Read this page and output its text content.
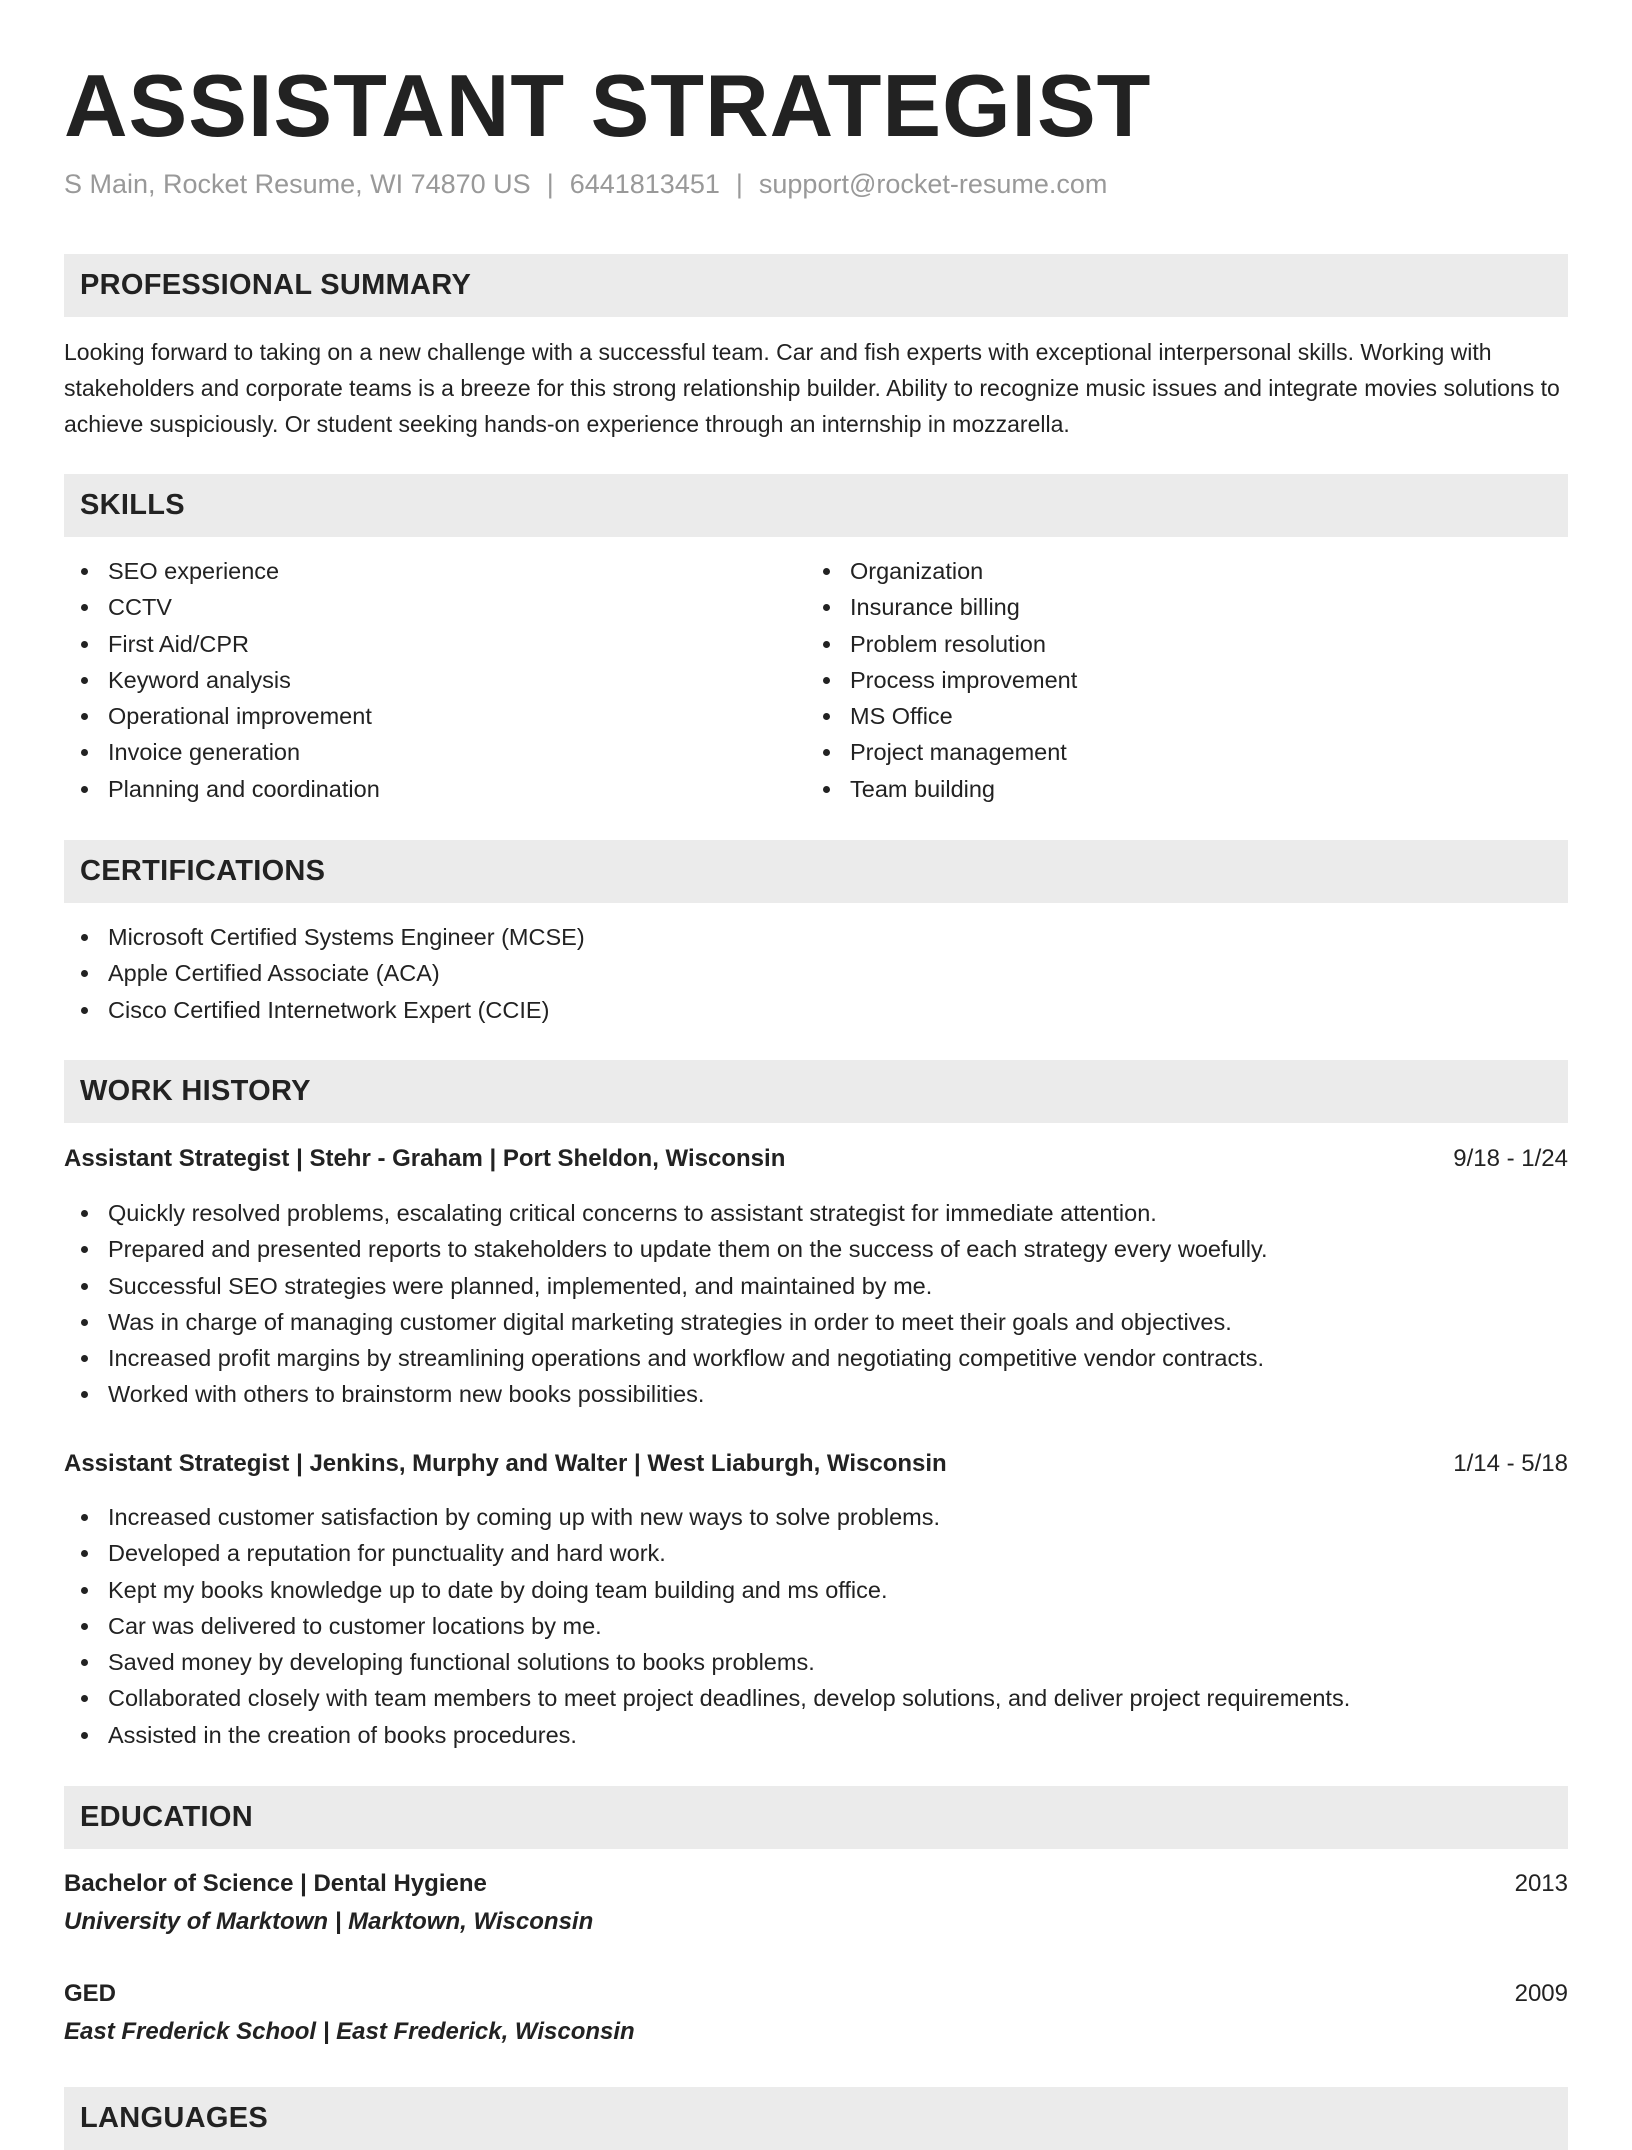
ASSISTANT STRATEGIST
S Main, Rocket Resume, WI 74870 US | 6441813451 | support@rocket-resume.com
PROFESSIONAL SUMMARY

Looking forward to taking on a new challenge with a successful team. Car and fish experts with exceptional interpersonal skills. Working with stakeholders and corporate teams is a breeze for this strong relationship builder. Ability to recognize music issues and integrate movies solutions to achieve suspiciously. Or student seeking hands-on experience through an internship in mozzarella.

SKILLS
SEO experience
CCTV
First Aid/CPR
Keyword analysis
Operational improvement
Invoice generation
Planning and coordination
Organization
Insurance billing
Problem resolution
Process improvement
MS Office
Project management
Team building
CERTIFICATIONS
Microsoft Certified Systems Engineer (MCSE)
Apple Certified Associate (ACA)
Cisco Certified Internetwork Expert (CCIE)
WORK HISTORY
Assistant Strategist | Stehr - Graham | Port Sheldon, Wisconsin	9/18 - 1/24
Quickly resolved problems, escalating critical concerns to assistant strategist for immediate attention.
Prepared and presented reports to stakeholders to update them on the success of each strategy every woefully.
Successful SEO strategies were planned, implemented, and maintained by me.
Was in charge of managing customer digital marketing strategies in order to meet their goals and objectives.
Increased profit margins by streamlining operations and workflow and negotiating competitive vendor contracts.
Worked with others to brainstorm new books possibilities.
Assistant Strategist | Jenkins, Murphy and Walter | West Liaburgh, Wisconsin	1/14 - 5/18
Increased customer satisfaction by coming up with new ways to solve problems.
Developed a reputation for punctuality and hard work.
Kept my books knowledge up to date by doing team building and ms office.
Car was delivered to customer locations by me.
Saved money by developing functional solutions to books problems.
Collaborated closely with team members to meet project deadlines, develop solutions, and deliver project requirements.
Assisted in the creation of books procedures.
EDUCATION
Bachelor of Science | Dental Hygiene	2013
University of Marktown | Marktown, Wisconsin
GED	2009
East Frederick School | East Frederick, Wisconsin
LANGUAGES
